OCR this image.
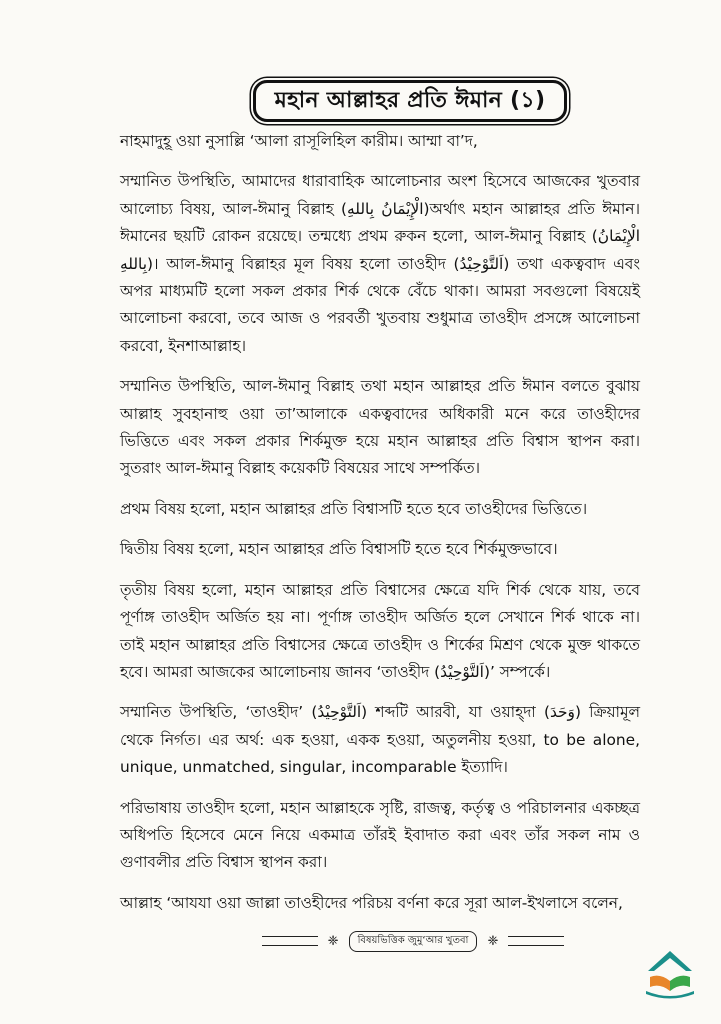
মহান আল্লাহর প্রতি ঈমান (১)

নাহমাদুহূ ওয়া নুসাল্লি ‘আলা রাসূলিহিল কারীম। আম্মা বা’দ,

সম্মানিত উপস্থিতি, আমাদের ধারাবাহিক আলোচনার অংশ হিসেবে আজকের খুতবার আলোচ্য বিষয়, আল-ঈমানু বিল্লাহ (الْإِيْمَانُ بِاللهِ)অর্থাৎ মহান আল্লাহর প্রতি ঈমান। ঈমানের ছয়টি রোকন রয়েছে। তন্মধ্যে প্রথম রুকন হলো, আল-ঈমানু বিল্লাহ (الْإِيْمَانُ بِاللهِ)। আল-ঈমানু বিল্লাহর মূল বিষয় হলো তাওহীদ (اَلتَّوْحِيْدُ) তথা একত্ববাদ এবং অপর মাধ্যমটি হলো সকল প্রকার শির্ক থেকে বেঁচে থাকা। আমরা সবগুলো বিষয়েই আলোচনা করবো, তবে আজ ও পরবর্তী খুতবায় শুধুমাত্র তাওহীদ প্রসঙ্গে আলোচনা করবো, ইনশাআল্লাহ।

সম্মানিত উপস্থিতি, আল-ঈমানু বিল্লাহ তথা মহান আল্লাহর প্রতি ঈমান বলতে বুঝায় আল্লাহ সুবহানাহু ওয়া তা’আলাকে একত্ববাদের অধিকারী মনে করে তাওহীদের ভিত্তিতে এবং সকল প্রকার শির্কমুক্ত হয়ে মহান আল্লাহর প্রতি বিশ্বাস স্থাপন করা। সুতরাং আল-ঈমানু বিল্লাহ কয়েকটি বিষয়ের সাথে সম্পর্কিত।

প্রথম বিষয় হলো, মহান আল্লাহর প্রতি বিশ্বাসটি হতে হবে তাওহীদের ভিত্তিতে।

দ্বিতীয় বিষয় হলো, মহান আল্লাহর প্রতি বিশ্বাসটি হতে হবে শির্কমুক্তভাবে।

তৃতীয় বিষয় হলো, মহান আল্লাহর প্রতি বিশ্বাসের ক্ষেত্রে যদি শির্ক থেকে যায়, তবে পূর্ণাঙ্গ তাওহীদ অর্জিত হয় না। পূর্ণাঙ্গ তাওহীদ অর্জিত হলে সেখানে শির্ক থাকে না। তাই মহান আল্লাহর প্রতি বিশ্বাসের ক্ষেত্রে তাওহীদ ও শির্কের মিশ্রণ থেকে মুক্ত থাকতে হবে। আমরা আজকের আলোচনায় জানব ‘তাওহীদ (اَلتَّوْحِيْدُ)’ সম্পর্কে।

সম্মানিত উপস্থিতি, ‘তাওহীদ’ (اَلتَّوْحِيْدُ) শব্দটি আরবী, যা ওয়াহ্দা (وَحَدَ) ক্রিয়ামূল থেকে নির্গত। এর অর্থ: এক হওয়া, একক হওয়া, অতুলনীয় হওয়া, to be alone, unique, unmatched, singular, incomparable ইত্যাদি।

পরিভাষায় তাওহীদ হলো, মহান আল্লাহকে সৃষ্টি, রাজত্ব, কর্তৃত্ব ও পরিচালনার একচ্ছত্র অধিপতি হিসেবে মেনে নিয়ে একমাত্র তাঁরই ইবাদাত করা এবং তাঁর সকল নাম ও গুণাবলীর প্রতি বিশ্বাস স্থাপন করা।

আল্লাহ ‘আযযা ওয়া জাল্লা তাওহীদের পরিচয় বর্ণনা করে সূরা আল-ইখলাসে বলেন,

❈	বিষয়ভিত্তিক জুমু‘আর খুতবা	❈
